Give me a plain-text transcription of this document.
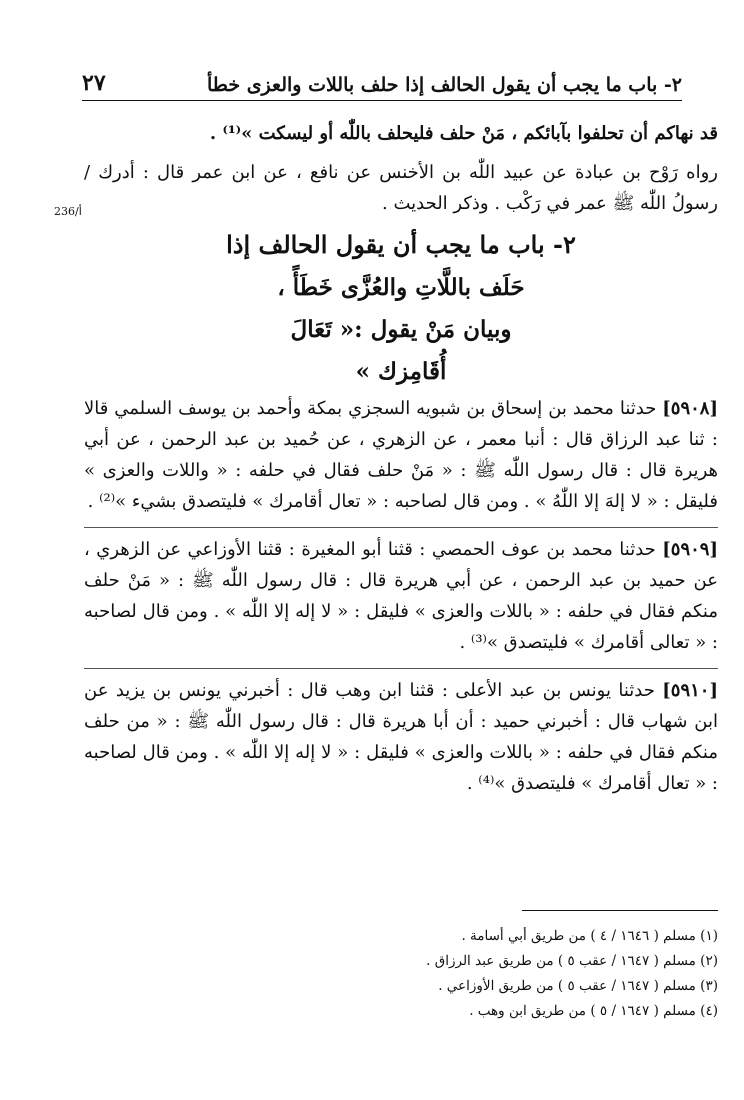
٢- باب ما يجب أن يقول الحالف إذا حلف باللات والعزى خطأ
٢٧
236/أ

قد نهاكم أن تحلفوا بآبائكم ، مَنْ حلف فليحلف باللّٰه أو ليسكت »⁽¹⁾ .

رواه رَوْح بن عبادة عن عبيد اللّٰه بن الأخنس عن نافع ، عن ابن عمر قال : أدرك / رسولُ اللّٰه ﷺ عمر في رَكْب . وذكر الحديث .

٢- باب ما يجب أن يقول الحالف إذا
حَلَف باللَّاتِ والعُزَّى خَطَأً ،
وبيان مَنْ يقول :« تَعَالَ
أُقَامِزك »

[٥٩٠٨] حدثنا محمد بن إسحاق بن شبويه السجزي بمكة وأحمد بن يوسف السلمي قالا : ثنا عبد الرزاق قال : أنبا معمر ، عن الزهري ، عن حُميد بن عبد الرحمن ، عن أبي هريرة قال : قال رسول اللّٰه ﷺ : « مَنْ حلف فقال في حلفه : « واللات والعزى » فليقل : « لا إلهَ إلا اللّٰهُ » . ومن قال لصاحبه : « تعال أقامرك » فليتصدق بشيء »⁽²⁾ .

[٥٩٠٩] حدثنا محمد بن عوف الحمصي : قثنا أبو المغيرة : قثنا الأوزاعي عن الزهري ، عن حميد بن عبد الرحمن ، عن أبي هريرة قال : قال رسول اللّٰه ﷺ : « مَنْ حلف منكم فقال في حلفه : « باللات والعزى » فليقل : « لا إله إلا اللّٰه » . ومن قال لصاحبه : « تعالى أقامرك » فليتصدق »⁽³⁾ .

[٥٩١٠] حدثنا يونس بن عبد الأعلى : قثنا ابن وهب قال : أخبرني يونس بن يزيد عن ابن شهاب قال : أخبرني حميد : أن أبا هريرة قال : قال رسول اللّٰه ﷺ : « من حلف منكم فقال في حلفه : « باللات والعزى » فليقل : « لا إله إلا اللّٰه » . ومن قال لصاحبه : « تعال أقامرك » فليتصدق »⁽⁴⁾ .

(١) مسلم ( ١٦٤٦ / ٤ ) من طريق أبي أسامة .

(٢) مسلم ( ١٦٤٧ / عقب ٥ ) من طريق عبد الرزاق .

(٣) مسلم ( ١٦٤٧ / عقب ٥ ) من طريق الأوزاعي .

(٤) مسلم ( ١٦٤٧ / ٥ ) من طريق ابن وهب .
